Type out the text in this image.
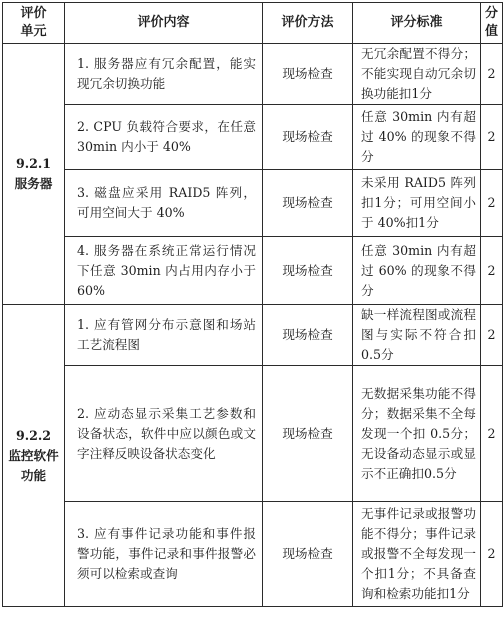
评价
单元	评价内容	评价方法	评分标准	分
值

9.2.1
服务器	1. 服务器应有冗余配置，能实现冗余切换功能	现场检查	无冗余配置不得分；不能实现自动冗余切换功能扣1分	2
	2. CPU 负载符合要求，在任意 30min 内小于 40%	现场检查	任意 30min 内有超过 40% 的现象不得分	2
	3. 磁盘应采用 RAID5 阵列，可用空间大于 40%	现场检查	未采用 RAID5 阵列扣1分；可用空间小于 40%扣1分	2
	4. 服务器在系统正常运行情况下任意 30min 内占用内存小于 60%	现场检查	任意 30min 内有超过 60% 的现象不得分	2

9.2.2
监控软件
功能	1. 应有管网分布示意图和场站工艺流程图	现场检查	缺一样流程图或流程图与实际不符合扣0.5分	2
	2. 应动态显示采集工艺参数和设备状态，软件中应以颜色或文字注释反映设备状态变化	现场检查	无数据采集功能不得分；数据采集不全每发现一个扣 0.5分；无设备动态显示或显示不正确扣0.5分	2
	3. 应有事件记录功能和事件报警功能，事件记录和事件报警必须可以检索或查询	现场检查	无事件记录或报警功能不得分；事件记录或报警不全每发现一个扣1分；不具备查询和检索功能扣1分	2
